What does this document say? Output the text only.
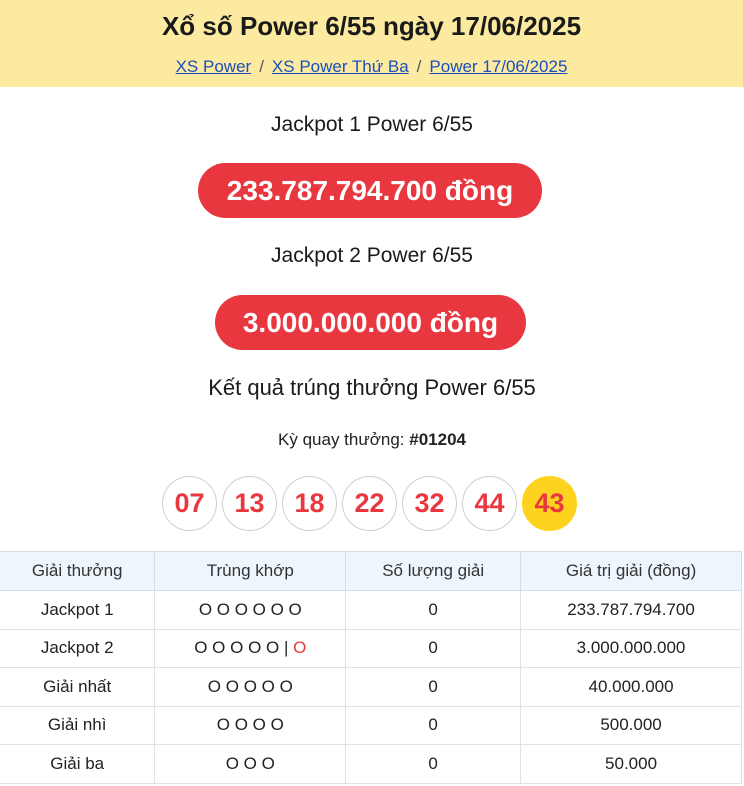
Xổ số Power 6/55 ngày 17/06/2025
XS Power / XS Power Thứ Ba / Power 17/06/2025
Jackpot 1 Power 6/55
233.787.794.700 đồng
Jackpot 2 Power 6/55
3.000.000.000 đồng
Kết quả trúng thưởng Power 6/55
Kỳ quay thưởng: #01204
07	13	18	22	32	44	43
Giải thưởng	Trùng khớp	Số lượng giải	Giá trị giải (đồng)
Jackpot 1	O O O O O O	0	233.787.794.700
Jackpot 2	O O O O O | O	0	3.000.000.000
Giải nhất	O O O O O	0	40.000.000
Giải nhì	O O O O	0	500.000
Giải ba	O O O	0	50.000
